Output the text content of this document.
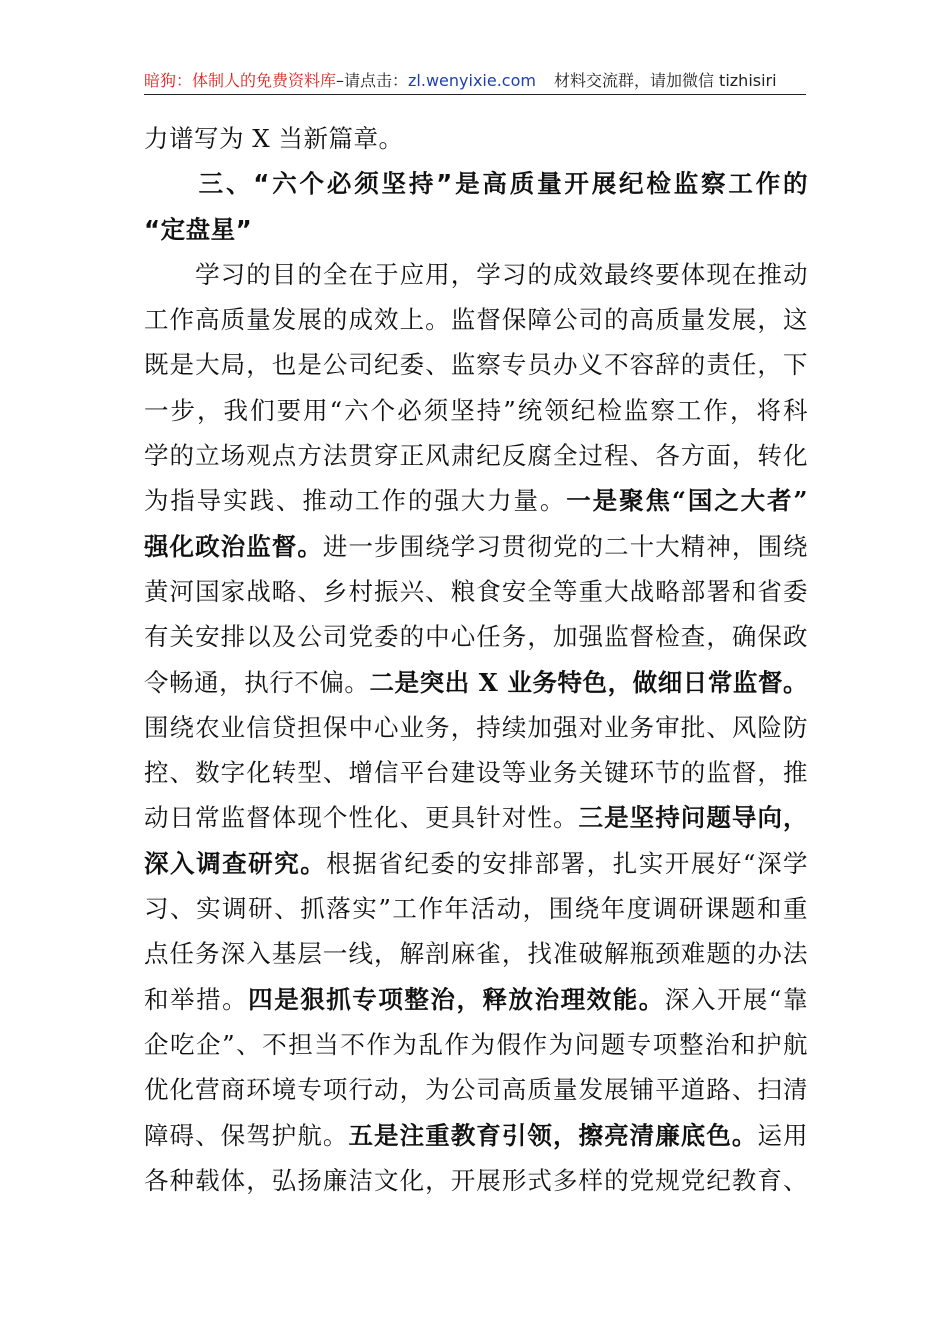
暗狗：体制人的免费资料库–请点击：zl.wenyixie.com 材料交流群，请加微信 tizhisiri
力谱写为 X 当新篇章。
　　三、“六个必须坚持”是高质量开展纪检监察工作的
“定盘星”
　　学习的目的全在于应用，学习的成效最终要体现在推动
工作高质量发展的成效上。监督保障公司的高质量发展，这
既是大局，也是公司纪委、监察专员办义不容辞的责任，下
一步，我们要用“六个必须坚持”统领纪检监察工作，将科
学的立场观点方法贯穿正风肃纪反腐全过程、各方面，转化
为指导实践、推动工作的强大力量。一是聚焦“国之大者”
强化政治监督。进一步围绕学习贯彻党的二十大精神，围绕
黄河国家战略、乡村振兴、粮食安全等重大战略部署和省委
有关安排以及公司党委的中心任务，加强监督检查，确保政
令畅通，执行不偏。二是突出 X 业务特色，做细日常监督。
围绕农业信贷担保中心业务，持续加强对业务审批、风险防
控、数字化转型、增信平台建设等业务关键环节的监督，推
动日常监督体现个性化、更具针对性。三是坚持问题导向，
深入调查研究。根据省纪委的安排部署，扎实开展好“深学
习、实调研、抓落实”工作年活动，围绕年度调研课题和重
点任务深入基层一线，解剖麻雀，找准破解瓶颈难题的办法
和举措。四是狠抓专项整治，释放治理效能。深入开展“靠
企吃企”、不担当不作为乱作为假作为问题专项整治和护航
优化营商环境专项行动，为公司高质量发展铺平道路、扫清
障碍、保驾护航。五是注重教育引领，擦亮清廉底色。运用
各种载体，弘扬廉洁文化，开展形式多样的党规党纪教育、
